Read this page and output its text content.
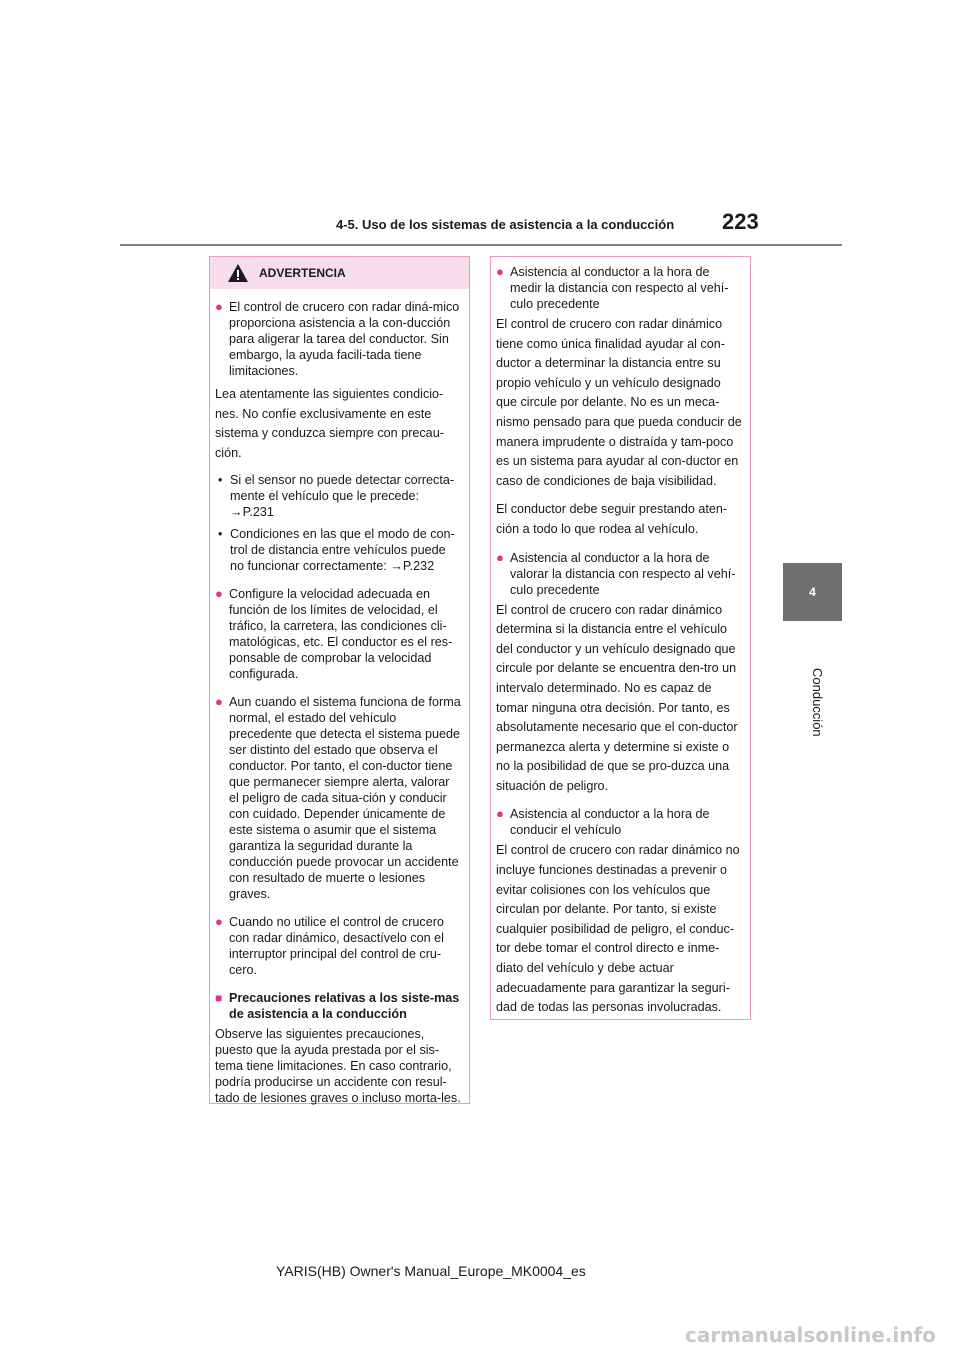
4-5. Uso de los sistemas de asistencia a la conducción 223
4
Conducción
ADVERTENCIA
● El control de crucero con radar diná-mico proporciona asistencia a la con-ducción para aligerar la tarea del conductor. Sin embargo, la ayuda facili-tada tiene limitaciones.
Lea atentamente las siguientes condicio-nes. No confíe exclusivamente en este sistema y conduzca siempre con precau-ción.
• Si el sensor no puede detectar correcta-mente el vehículo que le precede:
→P.231
• Condiciones en las que el modo de con-trol de distancia entre vehículos puede no funcionar correctamente: →P.232
● Configure la velocidad adecuada en función de los límites de velocidad, el tráfico, la carretera, las condiciones cli-matológicas, etc. El conductor es el res-ponsable de comprobar la velocidad configurada.
● Aun cuando el sistema funciona de forma normal, el estado del vehículo precedente que detecta el sistema puede ser distinto del estado que observa el conductor. Por tanto, el con-ductor tiene que permanecer siempre alerta, valorar el peligro de cada situa-ción y conducir con cuidado. Depender únicamente de este sistema o asumir que el sistema garantiza la seguridad durante la conducción puede provocar un accidente con resultado de muerte o lesiones graves.
● Cuando no utilice el control de crucero con radar dinámico, desactívelo con el interruptor principal del control de cru-cero.
■ Precauciones relativas a los siste-mas de asistencia a la conducción
Observe las siguientes precauciones, puesto que la ayuda prestada por el sis-tema tiene limitaciones. En caso contrario, podría producirse un accidente con resul-tado de lesiones graves o incluso morta-les.
● Asistencia al conductor a la hora de medir la distancia con respecto al vehí-culo precedente
El control de crucero con radar dinámico tiene como única finalidad ayudar al con-ductor a determinar la distancia entre su propio vehículo y un vehículo designado que circule por delante. No es un meca-nismo pensado para que pueda conducir de manera imprudente o distraída y tam-poco es un sistema para ayudar al con-ductor en caso de condiciones de baja visibilidad.
El conductor debe seguir prestando aten-ción a todo lo que rodea al vehículo.
● Asistencia al conductor a la hora de valorar la distancia con respecto al vehí-culo precedente
El control de crucero con radar dinámico determina si la distancia entre el vehículo del conductor y un vehículo designado que circule por delante se encuentra den-tro un intervalo determinado. No es capaz de tomar ninguna otra decisión. Por tanto, es absolutamente necesario que el con-ductor permanezca alerta y determine si existe o no la posibilidad de que se pro-duzca una situación de peligro.
● Asistencia al conductor a la hora de conducir el vehículo
El control de crucero con radar dinámico no incluye funciones destinadas a prevenir o evitar colisiones con los vehículos que circulan por delante. Por tanto, si existe cualquier posibilidad de peligro, el conduc-tor debe tomar el control directo e inme-diato del vehículo y debe actuar adecuadamente para garantizar la seguri-dad de todas las personas involucradas.
YARIS(HB) Owner's Manual_Europe_MK0004_es
carmanualsonline.info
